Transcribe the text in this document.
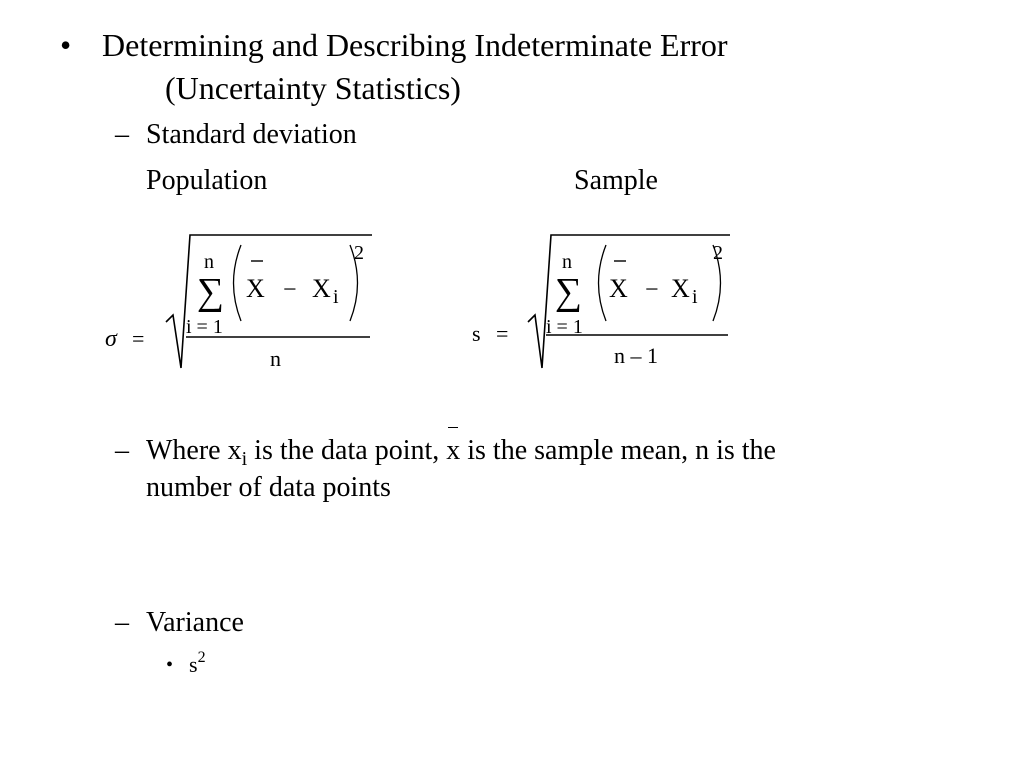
• Determining and Describing Indeterminate Error
(Uncertainty Statistics)
– Standard deviation
Population	Sample
σ =
∑
n
i = 1
X − X i
2
n
s =
∑
n
i = 1
X − X i
2
n – 1
– Where $x_i$ is the data point, x is the sample mean, n is the
number of data points
– Variance
• $s^2$
